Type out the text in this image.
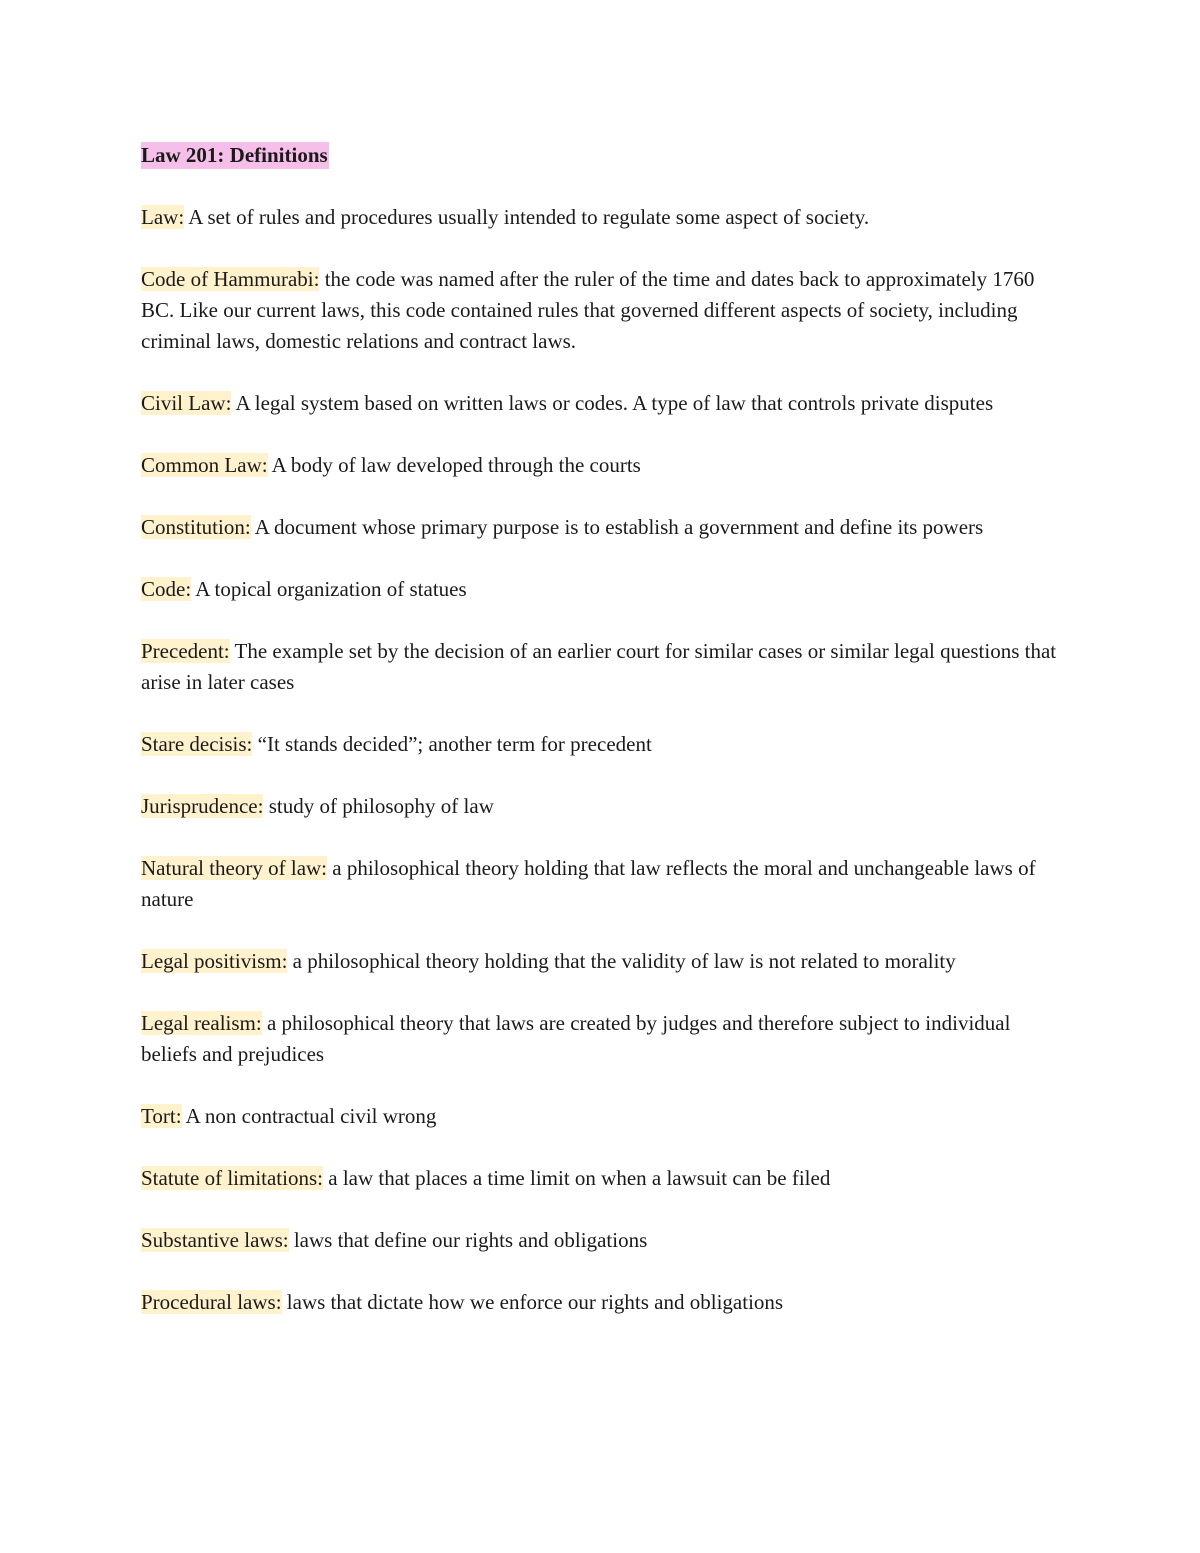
Law 201: Definitions

Law: A set of rules and procedures usually intended to regulate some aspect of society.

Code of Hammurabi: the code was named after the ruler of the time and dates back to approximately 1760 BC. Like our current laws, this code contained rules that governed different aspects of society, including criminal laws, domestic relations and contract laws.

Civil Law: A legal system based on written laws or codes. A type of law that controls private disputes

Common Law: A body of law developed through the courts

Constitution: A document whose primary purpose is to establish a government and define its powers

Code: A topical organization of statues

Precedent: The example set by the decision of an earlier court for similar cases or similar legal questions that arise in later cases

Stare decisis: “It stands decided”; another term for precedent

Jurisprudence: study of philosophy of law

Natural theory of law: a philosophical theory holding that law reflects the moral and unchangeable laws of nature

Legal positivism: a philosophical theory holding that the validity of law is not related to morality

Legal realism: a philosophical theory that laws are created by judges and therefore subject to individual beliefs and prejudices

Tort: A non contractual civil wrong

Statute of limitations: a law that places a time limit on when a lawsuit can be filed

Substantive laws: laws that define our rights and obligations

Procedural laws: laws that dictate how we enforce our rights and obligations
